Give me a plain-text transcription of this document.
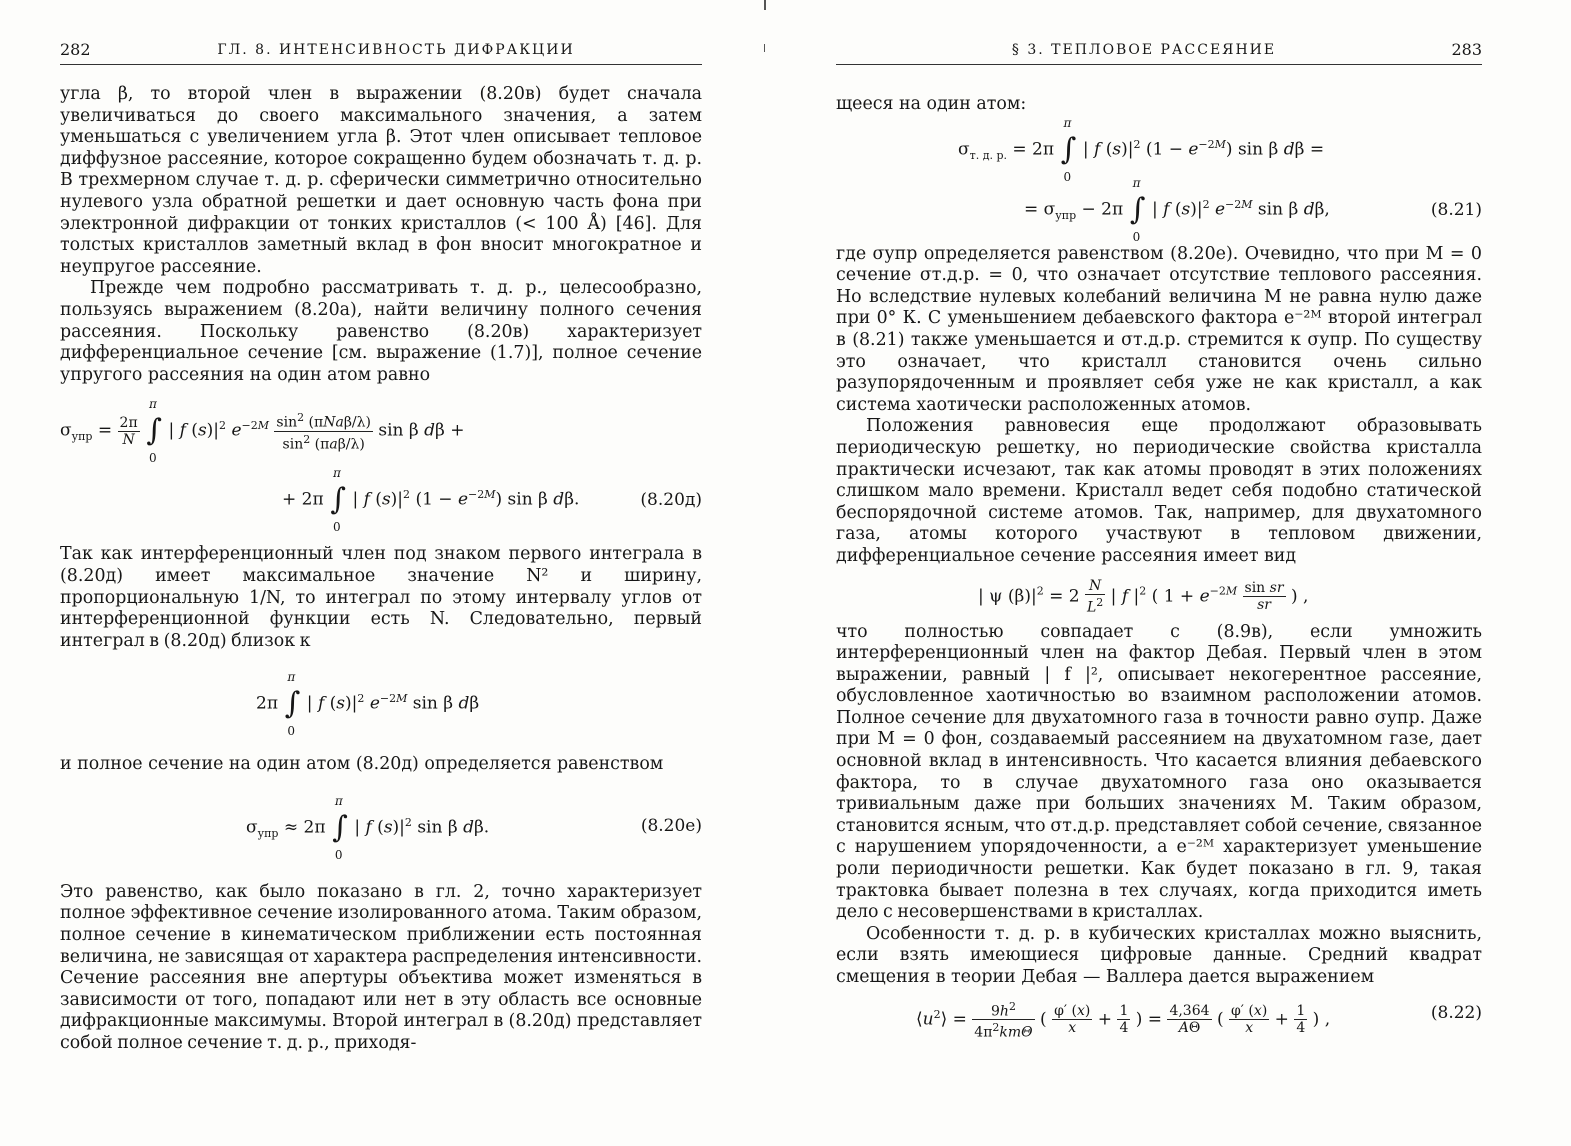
282	ГЛ. 8. ИНТЕНСИВНОСТЬ ДИФРАКЦИИ

угла β, то второй член в выражении (8.20в) будет сначала увеличиваться до своего максимального значения, а затем уменьшаться с увеличением угла β. Этот член описывает тепловое диффузное рассеяние, которое сокращенно будем обозначать т. д. р. В трехмерном случае т. д. р. сферически симметрично относительно нулевого узла обратной решетки и дает основную часть фона при электронной дифракции от тонких кристаллов (< 100 Å) [46]. Для толстых кристаллов заметный вклад в фон вносит многократное и неупругое рассеяние.

Прежде чем подробно рассматривать т. д. р., целесообразно, пользуясь выражением (8.20а), найти величину полного сечения рассеяния. Поскольку равенство (8.20в) характеризует дифференциальное сечение [см. выражение (1.7)], полное сечение упругого рассеяния на один атом равно

$\sigma_{упр} = \frac{2\pi}{N}$ ∫
π
0
| f $(s)|^2$ $e^{-2M} \frac{\sin^2 (\pi Na\beta/\lambda)}{\sin^2 (\pi a\beta/\lambda)}$ sin β dβ +
+ 2π ∫
π
0
| f $(s)|^2$ $(1 - e^{-2M})$ sin β dβ.	(8.20д)

Так как интерференционный член под знаком первого интеграла в (8.20д) имеет максимальное значение N² и ширину, пропорциональную 1/N, то интеграл по этому интервалу углов от интерференционной функции есть N. Следовательно, первый интеграл в (8.20д) близок к

2π ∫
π
0
| f $(s)|^2$ $e^{-2M}$ sin β dβ

и полное сечение на один атом (8.20д) определяется равенством

$\sigma_{упр} \approx 2\pi$ ∫
π
0
| f $(s)|^2$ sin β dβ.	(8.20е)

Это равенство, как было показано в гл. 2, точно характеризует полное эффективное сечение изолированного атома. Таким образом, полное сечение в кинематическом приближении есть постоянная величина, не зависящая от характера распределения интенсивности. Сечение рассеяния вне апертуры объектива может изменяться в зависимости от того, попадают или нет в эту область все основные дифракционные максимумы. Второй интеграл в (8.20д) представляет собой полное сечение т. д. р., приходя-

§ 3. ТЕПЛОВОЕ РАССЕЯНИЕ	283

щееся на один атом:

$\sigma_{т. д. р.} = 2\pi$ ∫
π
0
| f $(s)|^2$ $(1 - e^{-2M})$ sin β dβ =
= $\sigma_{упр} - 2\pi$ ∫
π
0
| f $(s)|^2$ $e^{-2M}$ sin β dβ,	(8.21)

где σупр определяется равенством (8.20е). Очевидно, что при M = 0 сечение σт.д.р. = 0, что означает отсутствие теплового рассеяния. Но вследствие нулевых колебаний величина M не равна нулю даже при 0° К. С уменьшением дебаевского фактора e⁻²ᴹ второй интеграл в (8.21) также уменьшается и σт.д.р. стремится к σупр. По существу это означает, что кристалл становится очень сильно разупорядоченным и проявляет себя уже не как кристалл, а как система хаотически расположенных атомов.

Положения равновесия еще продолжают образовывать периодическую решетку, но периодические свойства кристалла практически исчезают, так как атомы проводят в этих положениях слишком мало времени. Кристалл ведет себя подобно статической беспорядочной системе атомов. Так, например, для двухатомного газа, атомы которого участвуют в тепловом движении, дифференциальное сечение рассеяния имеет вид

| ψ $(\beta)|^2 = 2 \frac{N}{L^2}$ | f $|^2$ ( $1 + e^{-2M} \frac{\text{sin sr}}{sr}$ ) ,

что полностью совпадает с (8.9в), если умножить интерференционный член на фактор Дебая. Первый член в этом выражении, равный | f |², описывает некогерентное рассеяние, обусловленное хаотичностью во взаимном расположении атомов. Полное сечение для двухатомного газа в точности равно σупр. Даже при M = 0 фон, создаваемый рассеянием на двухатомном газе, дает основной вклад в интенсивность. Что касается влияния дебаевского фактора, то в случае двухатомного газа оно оказывается тривиальным даже при больших значениях M. Таким образом, становится ясным, что σт.д.р. представляет собой сечение, связанное с нарушением упорядоченности, а e⁻²ᴹ характеризует уменьшение роли периодичности решетки. Как будет показано в гл. 9, такая трактовка бывает полезна в тех случаях, когда приходится иметь дело с несовершенствами в кристаллах.

Особенности т. д. р. в кубических кристаллах можно выяснить, если взять имеющиеся цифровые данные. Средний квадрат смещения в теории Дебая — Валлера дается выражением

$⟨u^2⟩ = \frac{9h^2}{4\pi^2km\Theta}$ ( $\frac{\varphi' (x)}{x} + \frac{1}{4}$ ) = $\frac{4,364}{A\Theta}$ ( $\frac{\varphi' (x)}{x} + \frac{1}{4}$ ) ,	(8.22)
